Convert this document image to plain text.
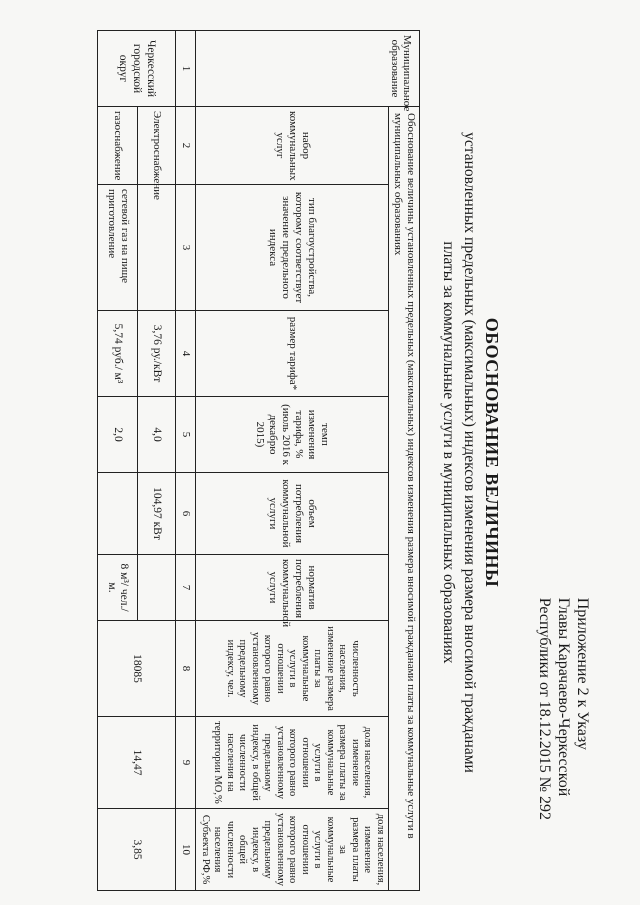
Приложение 2 к Указу
Главы Карачаево-Черкесской
Республики от 18.12.2015 № 292
ОБОСНОВАНИЕ ВЕЛИЧИНЫ
установленных предельных (максимальных) индексов изменения размера вносимой гражданами
платы за коммунальные услуги в муниципальных образованиях
Муниципальное образование	Обоснование величины установленных предельных (максимальных) индексов изменения размера вносимой гражданами платы за коммунальные услуги в муниципальных образованиях								
	набор коммунальных услуг	тип благоустройства, которому соответствует значение предельного индекса	размер тарифа*	темп изменения тарифа, % (июль 2016 к декабрю 2015)	объем потребления коммунальной услуги	норматив потребления коммунальной услуги	численность населения, изменение размера платы за коммунальные услуги в отношении которого равно установленному предельному индексу, чел.	доля населения, изменение размера платы за коммунальные услуги в отношении которого равно установленному предельному индексу, в общей численности населения на территории МО,%	доля населения, изменение размера платы за коммунальные услуги в отношении которого равно установленному предельному индексу, в общей численности населения Субъекта РФ,%
1	2	3	4	5	6	7	8	9	10
Черкесский городской округ	Электроснабжение		3,76 ру./кВт	4,0	104,97 кВт		18085	14,47	3,85
	газоснабжение	сетевой газ на пище приготовление	5,74 руб./ м³	2,0		8 м³/ чел./м.			
